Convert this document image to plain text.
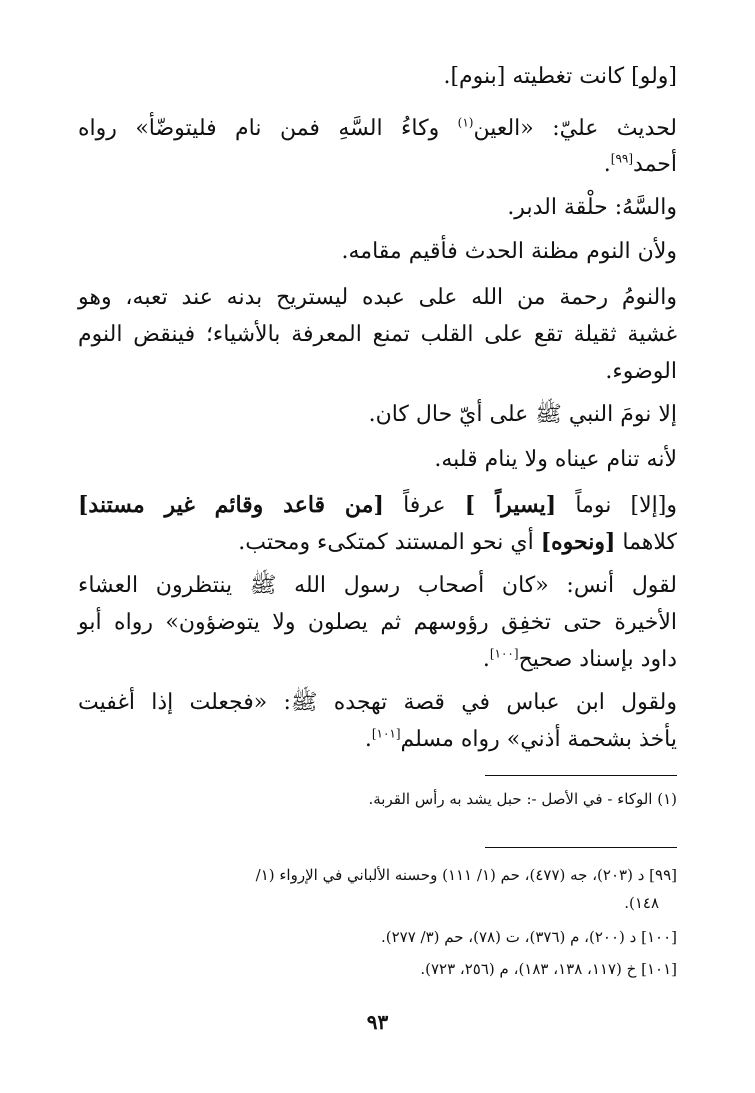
[ولو] كانت تغطيته [بنوم].
لحديث عليّ: «العين$^{(١)}$ وكاءُ السَّهِ فمن نام فليتوضّأ» رواه
أحمد[٩٩].
والسَّهُ: حلْقة الدبر.
ولأن النوم مظنة الحدث فأقيم مقامه.
والنومُ رحمة من الله على عبده ليستريح بدنه عند تعبه، وهو
غشية ثقيلة تقع على القلب تمنع المعرفة بالأشياء؛ فينقض النوم
الوضوء.
إلا نومَ النبي ﷺ على أيّ حال كان.
لأنه تنام عيناه ولا ينام قلبه.
و[إلا] نوماً [يسيراً ] عرفاً [من قاعد وقائم غير مستند]
كلاهما [ونحوه] أي نحو المستند كمتكىء ومحتب.
لقول أنس: «كان أصحاب رسول الله ﷺ ينتظرون العشاء
الأخيرة حتى تخفِق رؤوسهم ثم يصلون ولا يتوضؤون» رواه أبو
داود بإسناد صحيح[١٠٠].
ولقول ابن عباس في قصة تهجده ﷺ: «فجعلت إذا أغفيت
يأخذ بشحمة أذني» رواه مسلم[١٠١].
(١) الوكاء - في الأصل -: حبل يشد به رأس القربة.
[٩٩] د (٢٠٣)، جه (٤٧٧)، حم (١/ ١١١) وحسنه الألباني في الإرواء (١/
١٤٨).
[١٠٠] د (٢٠٠)، م (٣٧٦)، ت (٧٨)، حم (٣/ ٢٧٧).
[١٠١] خ (١١٧، ١٣٨، ١٨٣)، م (٢٥٦، ٧٢٣).
٩٣
